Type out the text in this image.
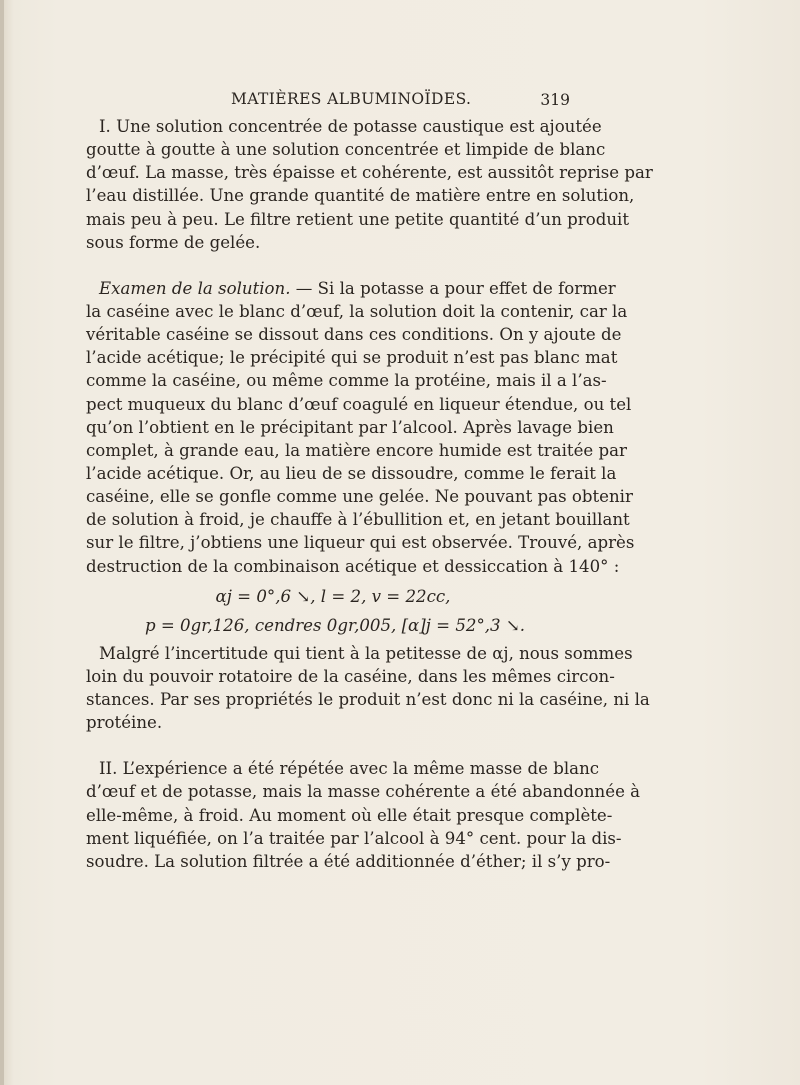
MATIÈRES ALBUMINOÏDES.	319
I. Une solution concentrée de potasse caustique est ajoutée
goutte à goutte à une solution concentrée et limpide de blanc
d’œuf. La masse, très épaisse et cohérente, est aussitôt reprise par
l’eau distillée. Une grande quantité de matière entre en solution,
mais peu à peu. Le filtre retient une petite quantité d’un produit
sous forme de gelée.
Examen de la solution. — Si la potasse a pour effet de former
la caséine avec le blanc d’œuf, la solution doit la contenir, car la
véritable caséine se dissout dans ces conditions. On y ajoute de
l’acide acétique; le précipité qui se produit n’est pas blanc mat
comme la caséine, ou même comme la protéine, mais il a l’as-
pect muqueux du blanc d’œuf coagulé en liqueur étendue, ou tel
qu’on l’obtient en le précipitant par l’alcool. Après lavage bien
complet, à grande eau, la matière encore humide est traitée par
l’acide acétique. Or, au lieu de se dissoudre, comme le ferait la
caséine, elle se gonfle comme une gelée. Ne pouvant pas obtenir
de solution à froid, je chauffe à l’ébullition et, en jetant bouillant
sur le filtre, j’obtiens une liqueur qui est observée. Trouvé, après
destruction de la combinaison acétique et dessiccation à 140° :
αj = 0°,6 ↘, l = 2, v = 22cc,
p = 0gr,126, cendres 0gr,005, [α]j = 52°,3 ↘.
Malgré l’incertitude qui tient à la petitesse de αj, nous sommes
loin du pouvoir rotatoire de la caséine, dans les mêmes circon-
stances. Par ses propriétés le produit n’est donc ni la caséine, ni la
protéine.
II. L’expérience a été répétée avec la même masse de blanc
d’œuf et de potasse, mais la masse cohérente a été abandonnée à
elle-même, à froid. Au moment où elle était presque complète-
ment liquéfiée, on l’a traitée par l’alcool à 94° cent. pour la dis-
soudre. La solution filtrée a été additionnée d’éther; il s’y pro-
